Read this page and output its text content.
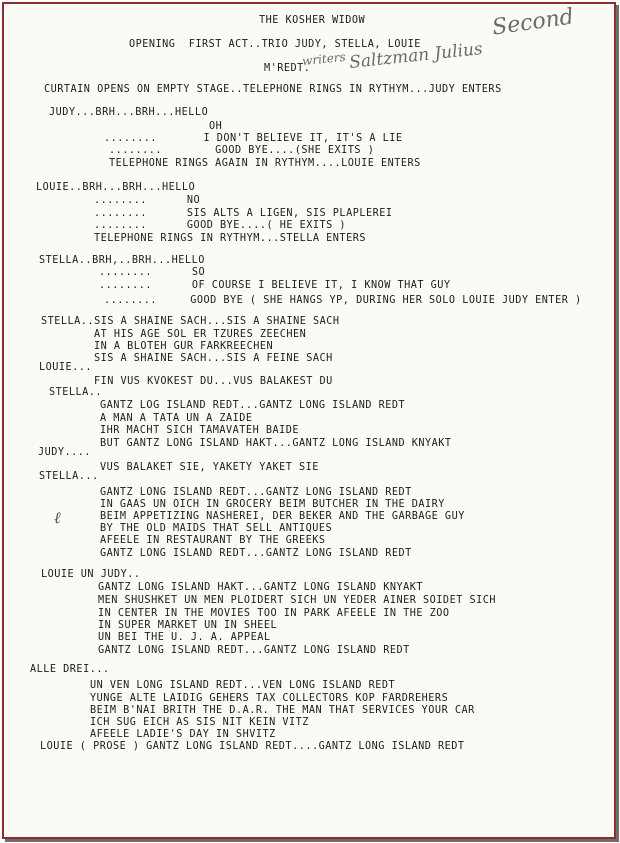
THE KOSHER WIDOW
OPENING  FIRST ACT..TRIO JUDY, STELLA, LOUIE
M'REDT.
Second
writers Saltzman Julius
ℓ
CURTAIN OPENS ON EMPTY STAGE..TELEPHONE RINGS IN RYTHYM...JUDY ENTERS
JUDY...BRH...BRH...HELLO
OH
........       I DON'T BELIEVE IT, IT'S A LIE
........        GOOD BYE....(SHE EXITS )
TELEPHONE RINGS AGAIN IN RYTHYM....LOUIE ENTERS
LOUIE..BRH...BRH...HELLO
........      NO
........      SIS ALTS A LIGEN, SIS PLAPLEREI
........      GOOD BYE....( HE EXITS )
TELEPHONE RINGS IN RYTHYM...STELLA ENTERS
STELLA..BRH,..BRH...HELLO
........      SO
........      OF COURSE I BELIEVE IT, I KNOW THAT GUY
........     GOOD BYE ( SHE HANGS YP, DURING HER SOLO LOUIE JUDY ENTER )
STELLA..SIS A SHAINE SACH...SIS A SHAINE SACH
AT HIS AGE SOL ER TZURES ZEECHEN
IN A BLOTEH GUR FARKREECHEN
SIS A SHAINE SACH...SIS A FEINE SACH
LOUIE...
FIN VUS KVOKEST DU...VUS BALAKEST DU
STELLA..
GANTZ LOG ISLAND REDT...GANTZ LONG ISLAND REDT
A MAN A TATA UN A ZAIDE
IHR MACHT SICH TAMAVATEH BAIDE
BUT GANTZ LONG ISLAND HAKT...GANTZ LONG ISLAND KNYAKT
JUDY....
VUS BALAKET SIE, YAKETY YAKET SIE
STELLA...
GANTZ LONG ISLAND REDT...GANTZ LONG ISLAND REDT
IN GAAS UN OICH IN GROCERY BEIM BUTCHER IN THE DAIRY
BEIM APPETIZING NASHEREI, DER BEKER AND THE GARBAGE GUY
BY THE OLD MAIDS THAT SELL ANTIQUES
AFEELE IN RESTAURANT BY THE GREEKS
GANTZ LONG ISLAND REDT...GANTZ LONG ISLAND REDT
LOUIE UN JUDY..
GANTZ LONG ISLAND HAKT...GANTZ LONG ISLAND KNYAKT
MEN SHUSHKET UN MEN PLOIDERT SICH UN YEDER AINER SOIDET SICH
IN CENTER IN THE MOVIES TOO IN PARK AFEELE IN THE ZOO
IN SUPER MARKET UN IN SHEEL
UN BEI THE U. J. A. APPEAL
GANTZ LONG ISLAND REDT...GANTZ LONG ISLAND REDT
ALLE DREI...
UN VEN LONG ISLAND REDT...VEN LONG ISLAND REDT
YUNGE ALTE LAIDIG GEHERS TAX COLLECTORS KOP FARDREHERS
BEIM B'NAI BRITH THE D.A.R. THE MAN THAT SERVICES YOUR CAR
ICH SUG EICH AS SIS NIT KEIN VITZ
AFEELE LADIE'S DAY IN SHVITZ
LOUIE ( PROSE ) GANTZ LONG ISLAND REDT....GANTZ LONG ISLAND REDT
